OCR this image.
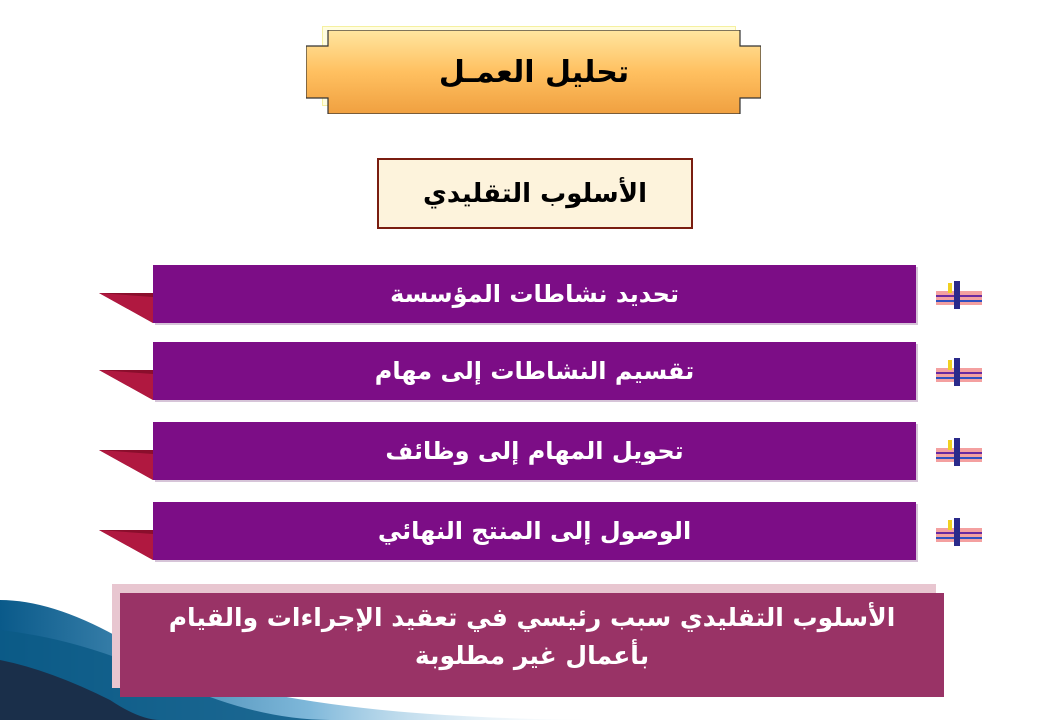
تحليل العمـل
الأسلوب التقليدي
تحديد نشاطات المؤسسة
تقسيم النشاطات إلى مهام
تحويل المهام إلى وظائف
الوصول إلى المنتج النهائي
الأسلوب التقليدي سبب رئيسي في تعقيد الإجراءات والقيام
بأعمال غير مطلوبة
